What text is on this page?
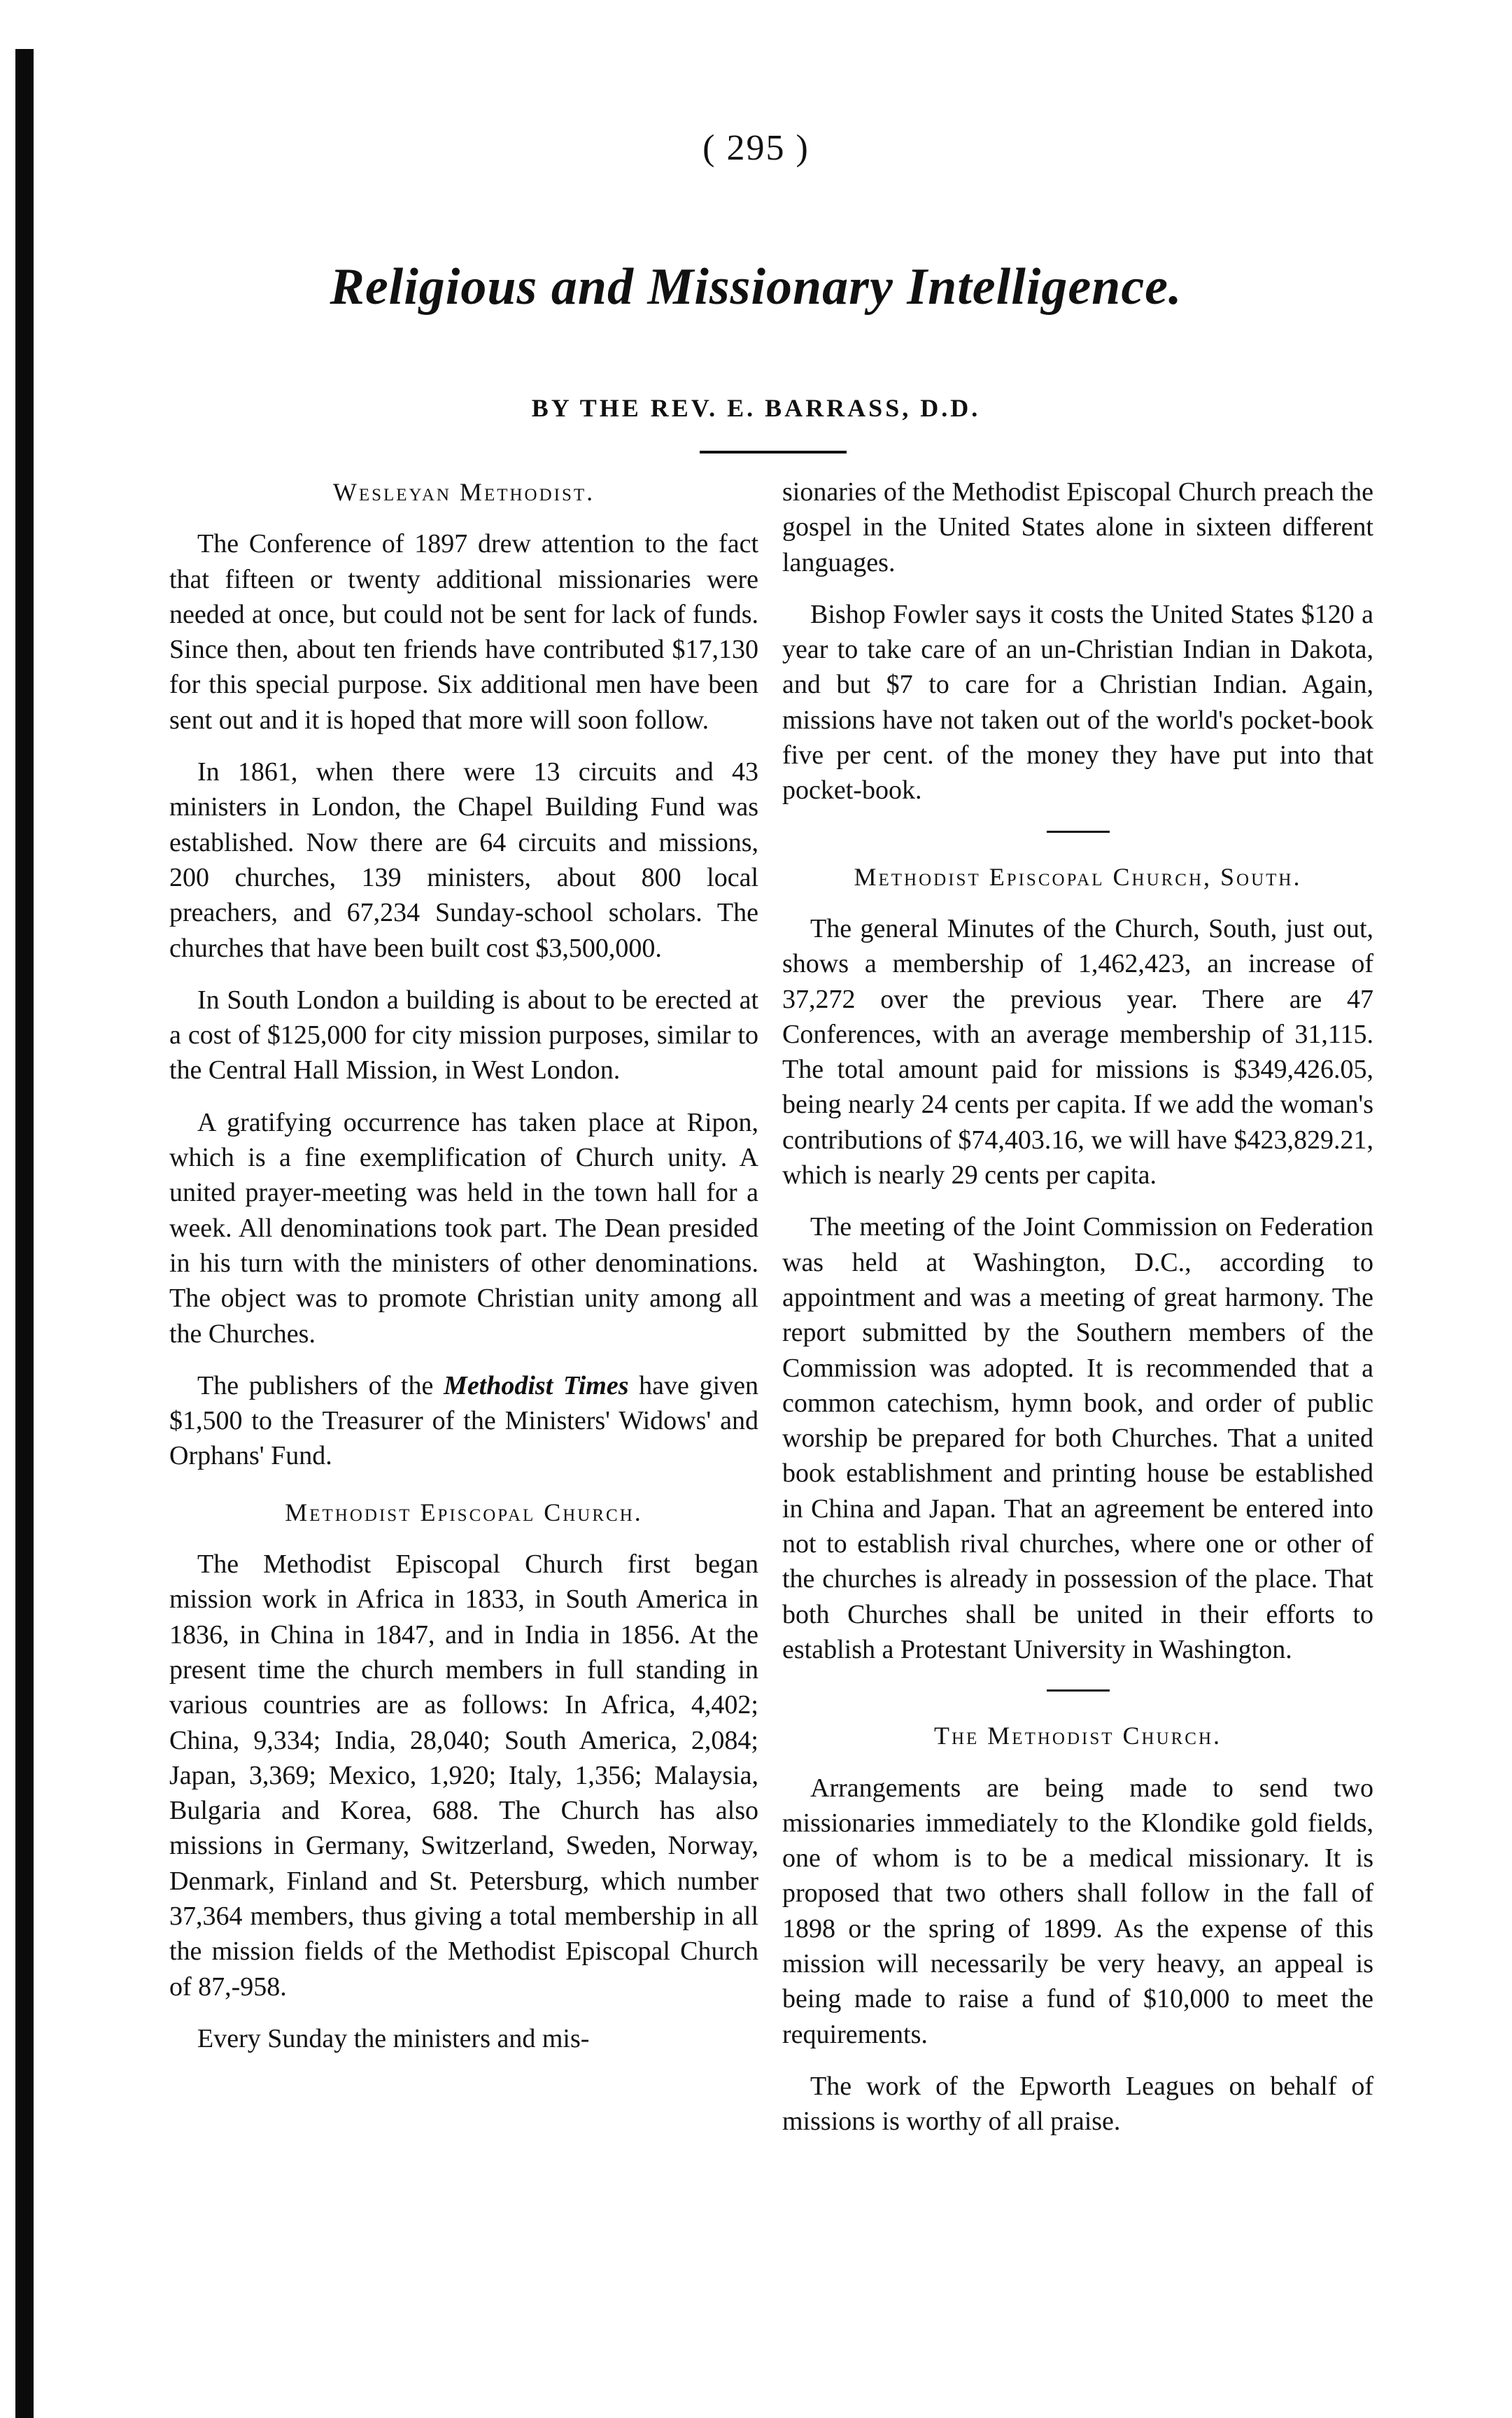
( 295 )
Religious and Missionary Intelligence.
BY THE REV. E. BARRASS, D.D.
Wesleyan Methodist.

The Conference of 1897 drew attention to the fact that fifteen or twenty additional missionaries were needed at once, but could not be sent for lack of funds. Since then, about ten friends have contributed $17,130 for this special purpose. Six additional men have been sent out and it is hoped that more will soon follow.

In 1861, when there were 13 circuits and 43 ministers in London, the Chapel Building Fund was established. Now there are 64 circuits and missions, 200 churches, 139 ministers, about 800 local preachers, and 67,234 Sunday-school scholars. The churches that have been built cost $3,500,000.

In South London a building is about to be erected at a cost of $125,000 for city mission purposes, similar to the Central Hall Mission, in West London.

A gratifying occurrence has taken place at Ripon, which is a fine exemplification of Church unity. A united prayer-meeting was held in the town hall for a week. All denominations took part. The Dean presided in his turn with the ministers of other denominations. The object was to promote Christian unity among all the Churches.

The publishers of the Methodist Times have given $1,500 to the Treasurer of the Ministers' Widows' and Orphans' Fund.

Methodist Episcopal Church.

The Methodist Episcopal Church first began mission work in Africa in 1833, in South America in 1836, in China in 1847, and in India in 1856. At the present time the church members in full standing in various countries are as follows: In Africa, 4,402; China, 9,334; India, 28,040; South America, 2,084; Japan, 3,369; Mexico, 1,920; Italy, 1,356; Malaysia, Bulgaria and Korea, 688. The Church has also missions in Germany, Switzerland, Sweden, Norway, Denmark, Finland and St. Petersburg, which number 37,364 members, thus giving a total membership in all the mission fields of the Methodist Episcopal Church of 87,-958.

Every Sunday the ministers and mis-

sionaries of the Methodist Episcopal Church preach the gospel in the United States alone in sixteen different languages.

Bishop Fowler says it costs the United States $120 a year to take care of an un-Christian Indian in Dakota, and but $7 to care for a Christian Indian. Again, missions have not taken out of the world's pocket-book five per cent. of the money they have put into that pocket-book.

Methodist Episcopal Church, South.

The general Minutes of the Church, South, just out, shows a membership of 1,462,423, an increase of 37,272 over the previous year. There are 47 Conferences, with an average membership of 31,115. The total amount paid for missions is $349,426.05, being nearly 24 cents per capita. If we add the woman's contributions of $74,403.16, we will have $423,829.21, which is nearly 29 cents per capita.

The meeting of the Joint Commission on Federation was held at Washington, D.C., according to appointment and was a meeting of great harmony. The report submitted by the Southern members of the Commission was adopted. It is recommended that a common catechism, hymn book, and order of public worship be prepared for both Churches. That a united book establishment and printing house be established in China and Japan. That an agreement be entered into not to establish rival churches, where one or other of the churches is already in possession of the place. That both Churches shall be united in their efforts to establish a Protestant University in Washington.

The Methodist Church.

Arrangements are being made to send two missionaries immediately to the Klondike gold fields, one of whom is to be a medical missionary. It is proposed that two others shall follow in the fall of 1898 or the spring of 1899. As the expense of this mission will necessarily be very heavy, an appeal is being made to raise a fund of $10,000 to meet the requirements.

The work of the Epworth Leagues on behalf of missions is worthy of all praise.
